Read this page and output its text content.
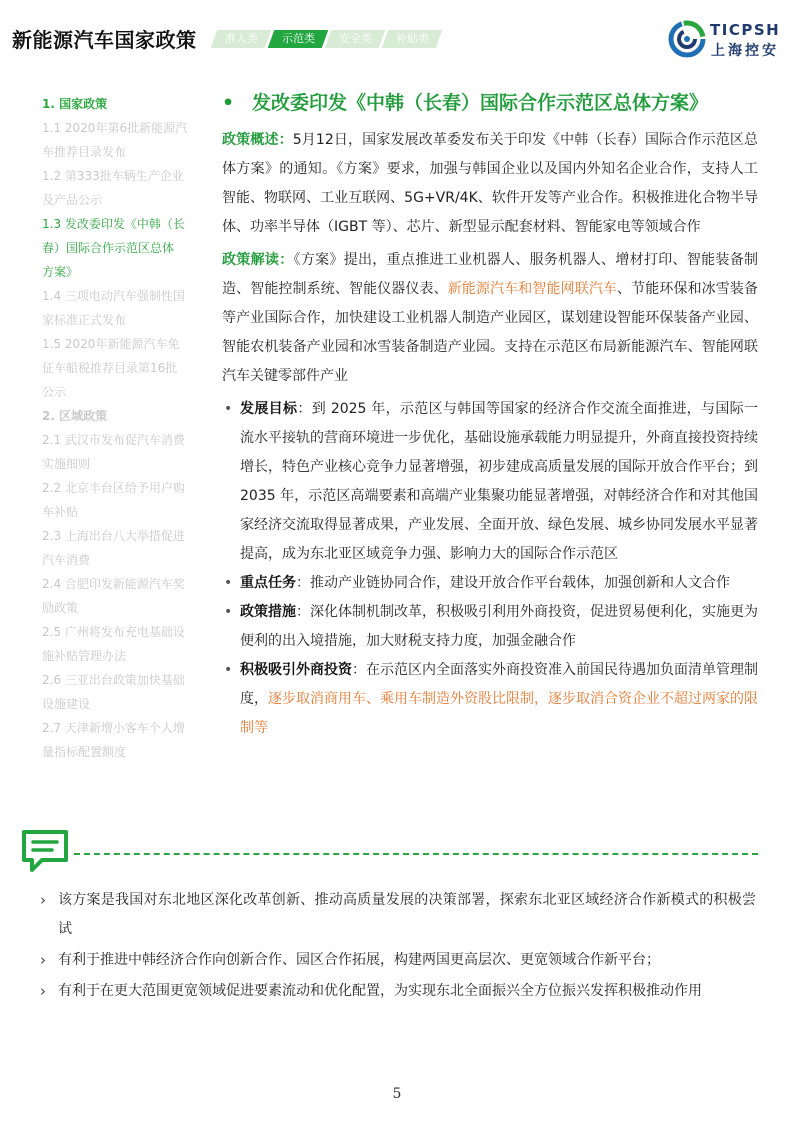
新能源汽车国家政策	准入类	示范类	安全类	补贴类	TICPSH
上海控安
1. 国家政策
1.1 2020年第6批新能源汽
车推荐目录发布
1.2 第333批车辆生产企业
及产品公示
1.3 发改委印发《中韩（长
春）国际合作示范区总体
方案》
1.4 三项电动汽车强制性国
家标准正式发布
1.5 2020年新能源汽车免
征车船税推荐目录第16批
公示
2. 区域政策
2.1 武汉市发布促汽车消费
实施细则
2.2 北京丰台区给予用户购
车补贴
2.3 上海出台八大举措促进
汽车消费
2.4 合肥印发新能源汽车奖
励政策
2.5 广州将发布充电基础设
施补贴管理办法
2.6 三亚出台政策加快基础
设施建设
2.7 天津新增小客车个人增
量指标配置额度
• 发改委印发《中韩（长春）国际合作示范区总体方案》

政策概述：5月12日，国家发展改革委发布关于印发《中韩（长春）国际合作示范区总体方案》的通知。《方案》要求，加强与韩国企业以及国内外知名企业合作，支持人工智能、物联网、工业互联网、5G+VR/4K、软件开发等产业合作。积极推进化合物半导体、功率半导体（IGBT 等）、芯片、新型显示配套材料、智能家电等领域合作

政策解读：《方案》提出，重点推进工业机器人、服务机器人、增材打印、智能装备制造、智能控制系统、智能仪器仪表、新能源汽车和智能网联汽车、节能环保和冰雪装备等产业国际合作，加快建设工业机器人制造产业园区，谋划建设智能环保装备产业园、智能农机装备产业园和冰雪装备制造产业园。支持在示范区布局新能源汽车、智能网联汽车关键零部件产业

• 发展目标：到 2025 年，示范区与韩国等国家的经济合作交流全面推进，与国际一流水平接轨的营商环境进一步优化，基础设施承载能力明显提升，外商直接投资持续增长，特色产业核心竞争力显著增强，初步建成高质量发展的国际开放合作平台；到 2035 年，示范区高端要素和高端产业集聚功能显著增强，对韩经济合作和对其他国家经济交流取得显著成果，产业发展、全面开放、绿色发展、城乡协同发展水平显著提高，成为东北亚区域竞争力强、影响力大的国际合作示范区
• 重点任务：推动产业链协同合作，建设开放合作平台载体，加强创新和人文合作
• 政策措施：深化体制机制改革，积极吸引利用外商投资，促进贸易便利化，实施更为便利的出入境措施，加大财税支持力度，加强金融合作
• 积极吸引外商投资：在示范区内全面落实外商投资准入前国民待遇加负面清单管理制度，逐步取消商用车、乘用车制造外资股比限制，逐步取消合资企业不超过两家的限制等
› 该方案是我国对东北地区深化改革创新、推动高质量发展的决策部署，探索东北亚区域经济合作新模式的积极尝试
› 有利于推进中韩经济合作向创新合作、园区合作拓展，构建两国更高层次、更宽领域合作新平台；
› 有利于在更大范围更宽领域促进要素流动和优化配置，为实现东北全面振兴全方位振兴发挥积极推动作用
5
